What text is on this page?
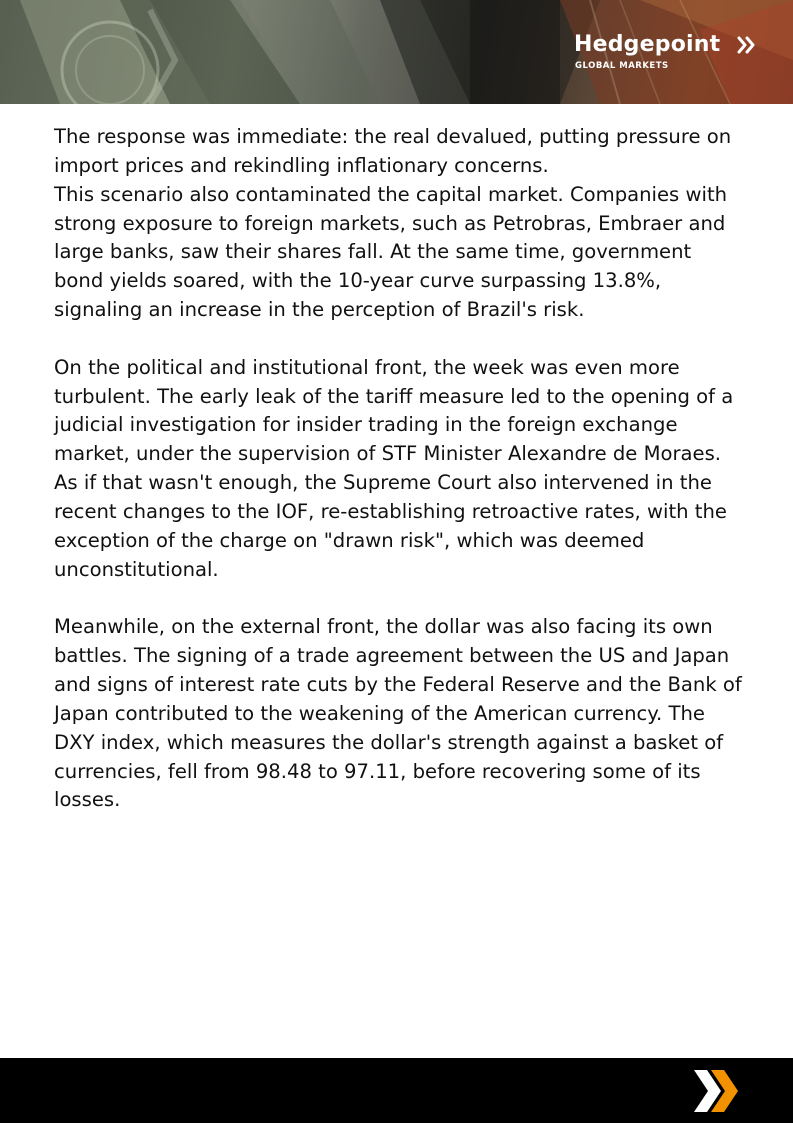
Hedgepoint
GLOBAL MARKETS

The response was immediate: the real devalued, putting pressure on
import prices and rekindling inflationary concerns.
This scenario also contaminated the capital market. Companies with
strong exposure to foreign markets, such as Petrobras, Embraer and
large banks, saw their shares fall. At the same time, government
bond yields soared, with the 10-year curve surpassing 13.8%,
signaling an increase in the perception of Brazil's risk.

On the political and institutional front, the week was even more
turbulent. The early leak of the tariff measure led to the opening of a
judicial investigation for insider trading in the foreign exchange
market, under the supervision of STF Minister Alexandre de Moraes.
As if that wasn't enough, the Supreme Court also intervened in the
recent changes to the IOF, re-establishing retroactive rates, with the
exception of the charge on "drawn risk", which was deemed
unconstitutional.

Meanwhile, on the external front, the dollar was also facing its own
battles. The signing of a trade agreement between the US and Japan
and signs of interest rate cuts by the Federal Reserve and the Bank of
Japan contributed to the weakening of the American currency. The
DXY index, which measures the dollar's strength against a basket of
currencies, fell from 98.48 to 97.11, before recovering some of its
losses.
